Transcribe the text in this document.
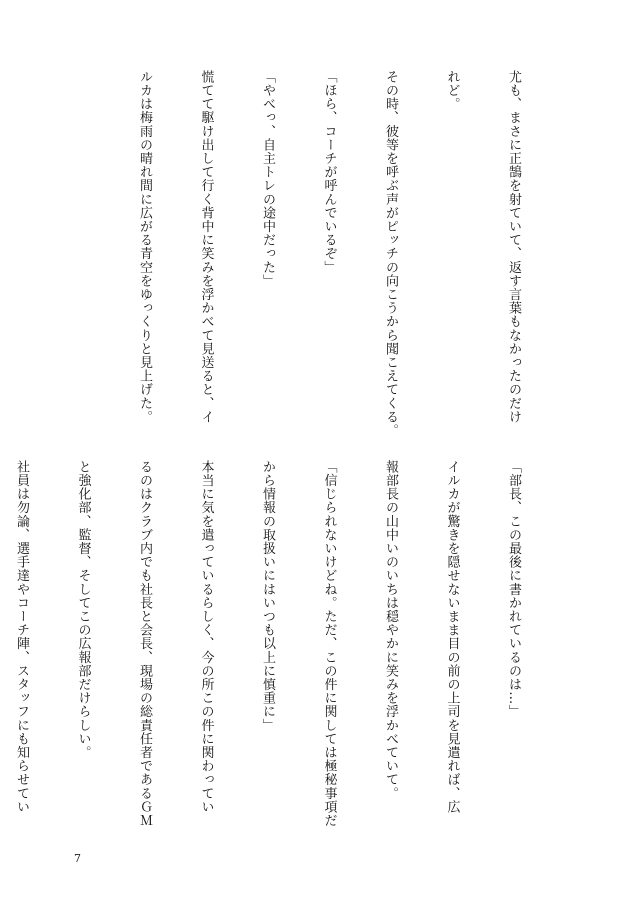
尤も、まさに正鵠を射ていて、返す言葉もなかったのだけ

れど。

その時、彼等を呼ぶ声がピッチの向こうから聞こえてくる。

「ほら、コーチが呼んでいるぞ」

「やべっ、自主トレの途中だった」

慌てて駆け出して行く背中に笑みを浮かべて見送ると、イ

ルカは梅雨の晴れ間に広がる青空をゆっくりと見上げた。

「部長、この最後に書かれているのは…」

イルカが驚きを隠せないまま目の前の上司を見遣れば、広

報部長の山中いのいちは穏やかに笑みを浮かべていて。

「信じられないけどね。ただ、この件に関しては極秘事項だ

から情報の取扱いにはいつも以上に慎重に」

本当に気を遣っているらしく、今の所この件に関わってい

るのはクラブ内でも社長と会長、現場の総責任者であるＧＭ

と強化部、監督、そしてこの広報部だけらしい。

社員は勿論、選手達やコーチ陣、スタッフにも知らせてい

7
